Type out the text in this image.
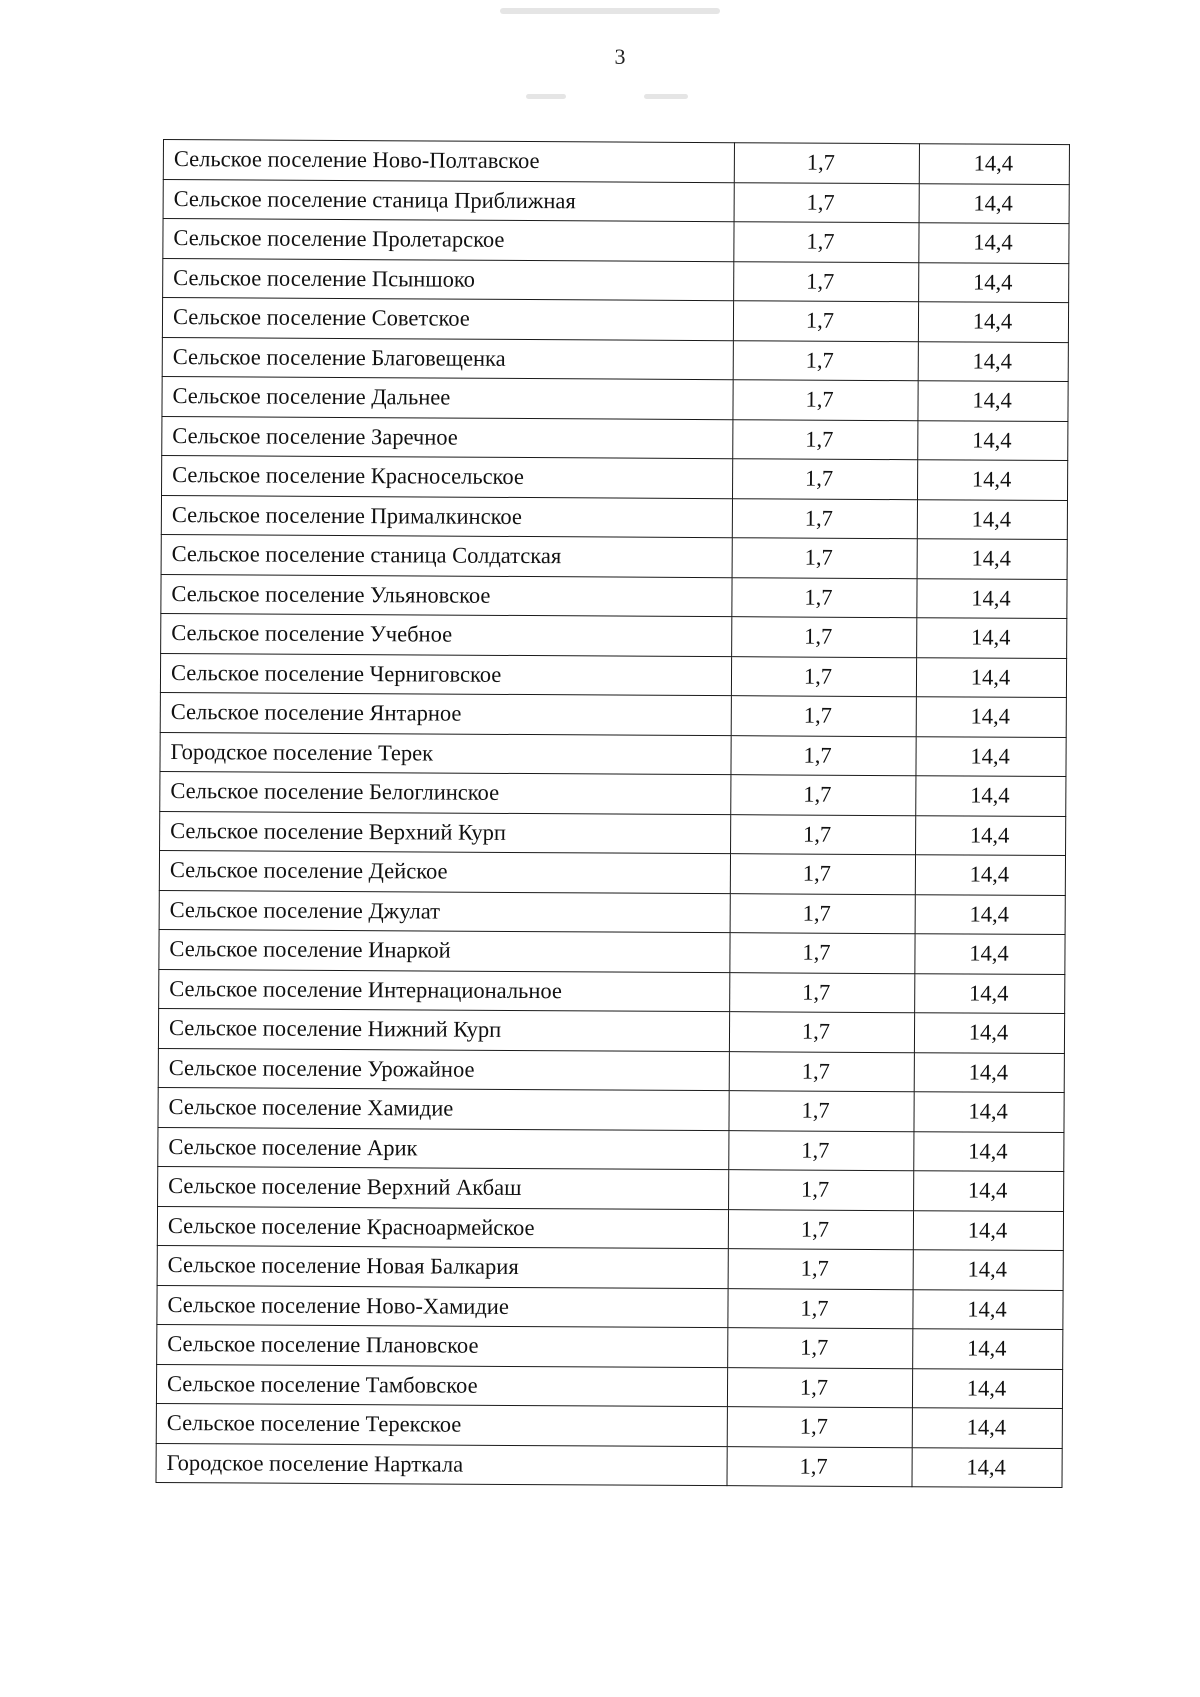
3
Сельское поселение Ново-Полтавское	1,7	14,4
Сельское поселение станица Приближная	1,7	14,4
Сельское поселение Пролетарское	1,7	14,4
Сельское поселение Псыншоко	1,7	14,4
Сельское поселение Советское	1,7	14,4
Сельское поселение Благовещенка	1,7	14,4
Сельское поселение Дальнее	1,7	14,4
Сельское поселение Заречное	1,7	14,4
Сельское поселение Красносельское	1,7	14,4
Сельское поселение Прималкинское	1,7	14,4
Сельское поселение станица Солдатская	1,7	14,4
Сельское поселение Ульяновское	1,7	14,4
Сельское поселение Учебное	1,7	14,4
Сельское поселение Черниговское	1,7	14,4
Сельское поселение Янтарное	1,7	14,4
Городское поселение Терек	1,7	14,4
Сельское поселение Белоглинское	1,7	14,4
Сельское поселение Верхний Курп	1,7	14,4
Сельское поселение Дейское	1,7	14,4
Сельское поселение Джулат	1,7	14,4
Сельское поселение Инаркой	1,7	14,4
Сельское поселение Интернациональное	1,7	14,4
Сельское поселение Нижний Курп	1,7	14,4
Сельское поселение Урожайное	1,7	14,4
Сельское поселение Хамидие	1,7	14,4
Сельское поселение Арик	1,7	14,4
Сельское поселение Верхний Акбаш	1,7	14,4
Сельское поселение Красноармейское	1,7	14,4
Сельское поселение Новая Балкария	1,7	14,4
Сельское поселение Ново-Хамидие	1,7	14,4
Сельское поселение Плановское	1,7	14,4
Сельское поселение Тамбовское	1,7	14,4
Сельское поселение Терекское	1,7	14,4
Городское поселение Нарткала	1,7	14,4
